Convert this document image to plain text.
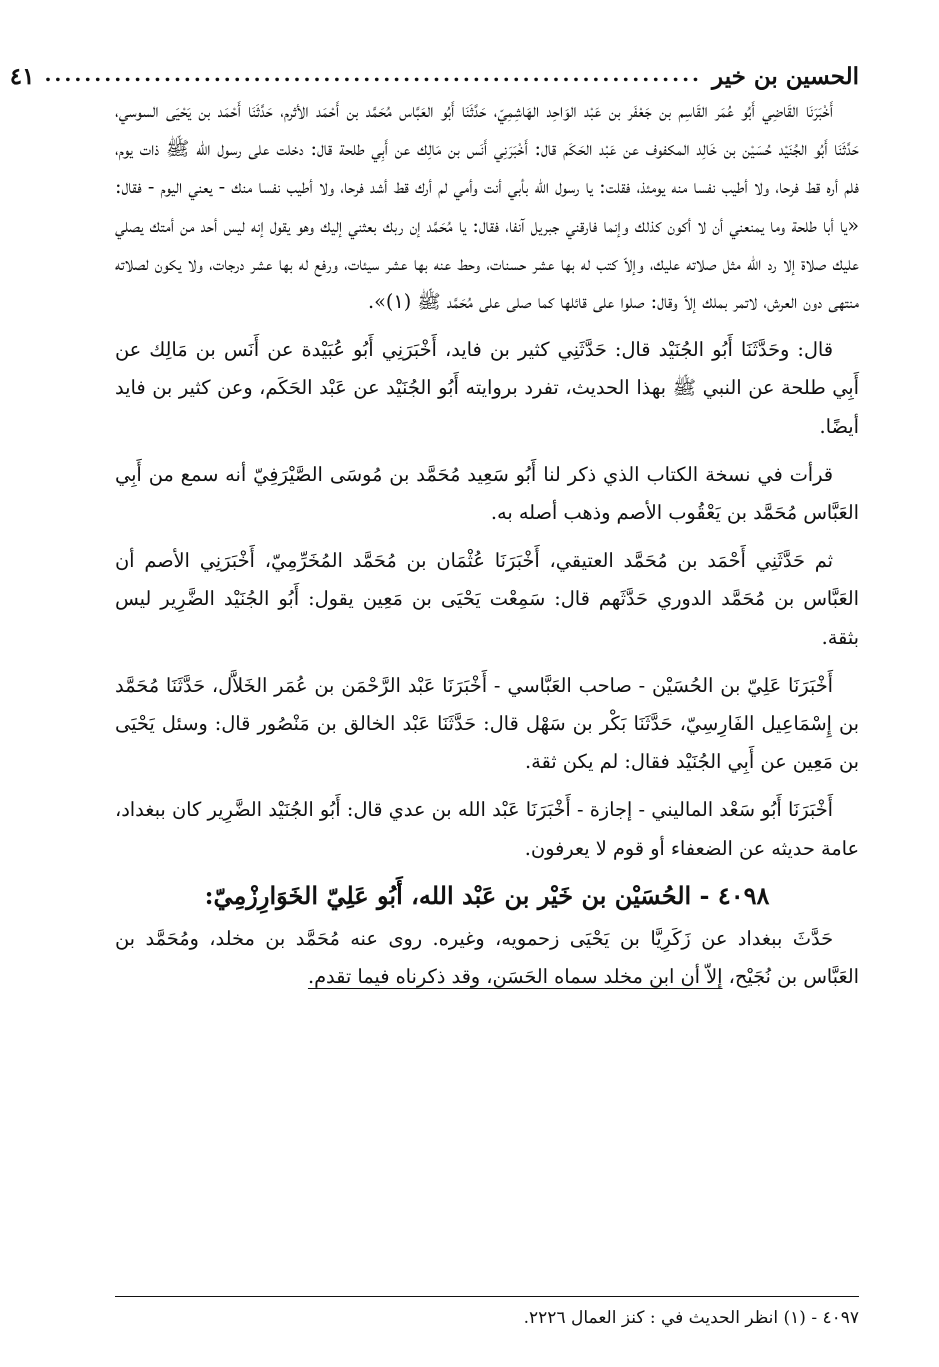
الحسين بن خير
..................................................................
٤١

أَخْبَرَنَا القَاضِي أَبُو عُمَر القَاسِم بن جَعْفَر بن عَبْد الوَاحِد الهَاشِمِيّ، حَدَّثَنَا أَبُو العَبَّاس مُحَمَّد بن أَحْمَد الأثرم، حَدَّثَنَا أَحْمَد بن يَحْيَى السوسي، حَدَّثَنَا أَبُو الجُنَيْد حُسَيْن بن خَالِد المكفوف عن عَبْد الحَكَم قال: أَخْبَرَنِي أَنَس بن مَالِك عن أَبِي طلحة قال: دخلت على رسول الله ﷺ ذات يوم، فلم أره قط فرحا، ولا أطيب نفسا منه يومئذ، فقلت: يا رسول الله بأبي أنت وأمي لم أرك قط أشد فرحا، ولا أطيب نفسا منك - يعني اليوم - فقال: «يا أبا طلحة وما يمنعني أن لا أكون كذلك وإنما فارقني جبريل آنفا، فقال: يا مُحَمَّد إن ربك بعثني إليك وهو يقول إنه ليس أحد من أمتك يصلي عليك صلاة إلا رد الله مثل صلاته عليك، وإلاّ كتب له بها عشر حسنات، وحط عنه بها عشر سيئات، ورفع له بها عشر درجات، ولا يكون لصلاته منتهى دون العرش، لاتمر بملك إلاّ وقال: صلوا على قائلها كما صلى على مُحَمَّد ﷺ (١)».

قال: وحَدَّثَنَا أَبُو الجُنَيْد قال: حَدَّثَنِي كثير بن فايد، أَخْبَرَنِي أَبُو عُبَيْدة عن أَنَس بن مَالِك عن أَبِي طلحة عن النبي ﷺ بهذا الحديث، تفرد بروايته أَبُو الجُنَيْد عن عَبْد الحَكَم، وعن كثير بن فايد أيضًا.

قرأت في نسخة الكتاب الذي ذكر لنا أَبُو سَعِيد مُحَمَّد بن مُوسَى الصَّيْرَفِيّ أنه سمع من أَبِي العَبَّاس مُحَمَّد بن يَعْقُوب الأصم وذهب أصله به.

ثم حَدَّثَنِي أَحْمَد بن مُحَمَّد العتيقي، أَخْبَرَنَا عُثْمَان بن مُحَمَّد المُخَرِّمِيّ، أَخْبَرَنِي الأصم أن العَبَّاس بن مُحَمَّد الدوري حَدَّثَهم قال: سَمِعْت يَحْيَى بن مَعِين يقول: أَبُو الجُنَيْد الضَّرِير ليس بثقة.

أَخْبَرَنَا عَلِيّ بن الحُسَيْن - صاحب العَبَّاسي - أَخْبَرَنَا عَبْد الرَّحْمَن بن عُمَر الخَلاَّل، حَدَّثَنَا مُحَمَّد بن إِسْمَاعِيل الفَارِسِيّ، حَدَّثَنَا بَكْر بن سَهْل قال: حَدَّثَنَا عَبْد الخالق بن مَنْصُور قال: وسئل يَحْيَى بن مَعِين عن أَبِي الجُنَيْد فقال: لم يكن ثقة.

أَخْبَرَنَا أَبُو سَعْد الماليني - إجازة - أَخْبَرَنَا عَبْد الله بن عدي قال: أَبُو الجُنَيْد الضَّرِير كان ببغداد، عامة حديثه عن الضعفاء أو قوم لا يعرفون.

٤٠٩٨ - الحُسَيْن بن خَيْر بن عَبْد الله، أَبُو عَلِيّ الخَوَارِزْمِيّ:

حَدَّثَ ببغداد عن زَكَرِيَّا بن يَحْيَى زحمويه، وغيره. روى عنه مُحَمَّد بن مخلد، ومُحَمَّد بن العَبَّاس بن نُجَيْح، إلاّ أن ابن مخلد سماه الحَسَن، وقد ذكرناه فيما تقدم.

٤٠٩٧ - (١) انظر الحديث في : كنز العمال ٢٢٢٦.
